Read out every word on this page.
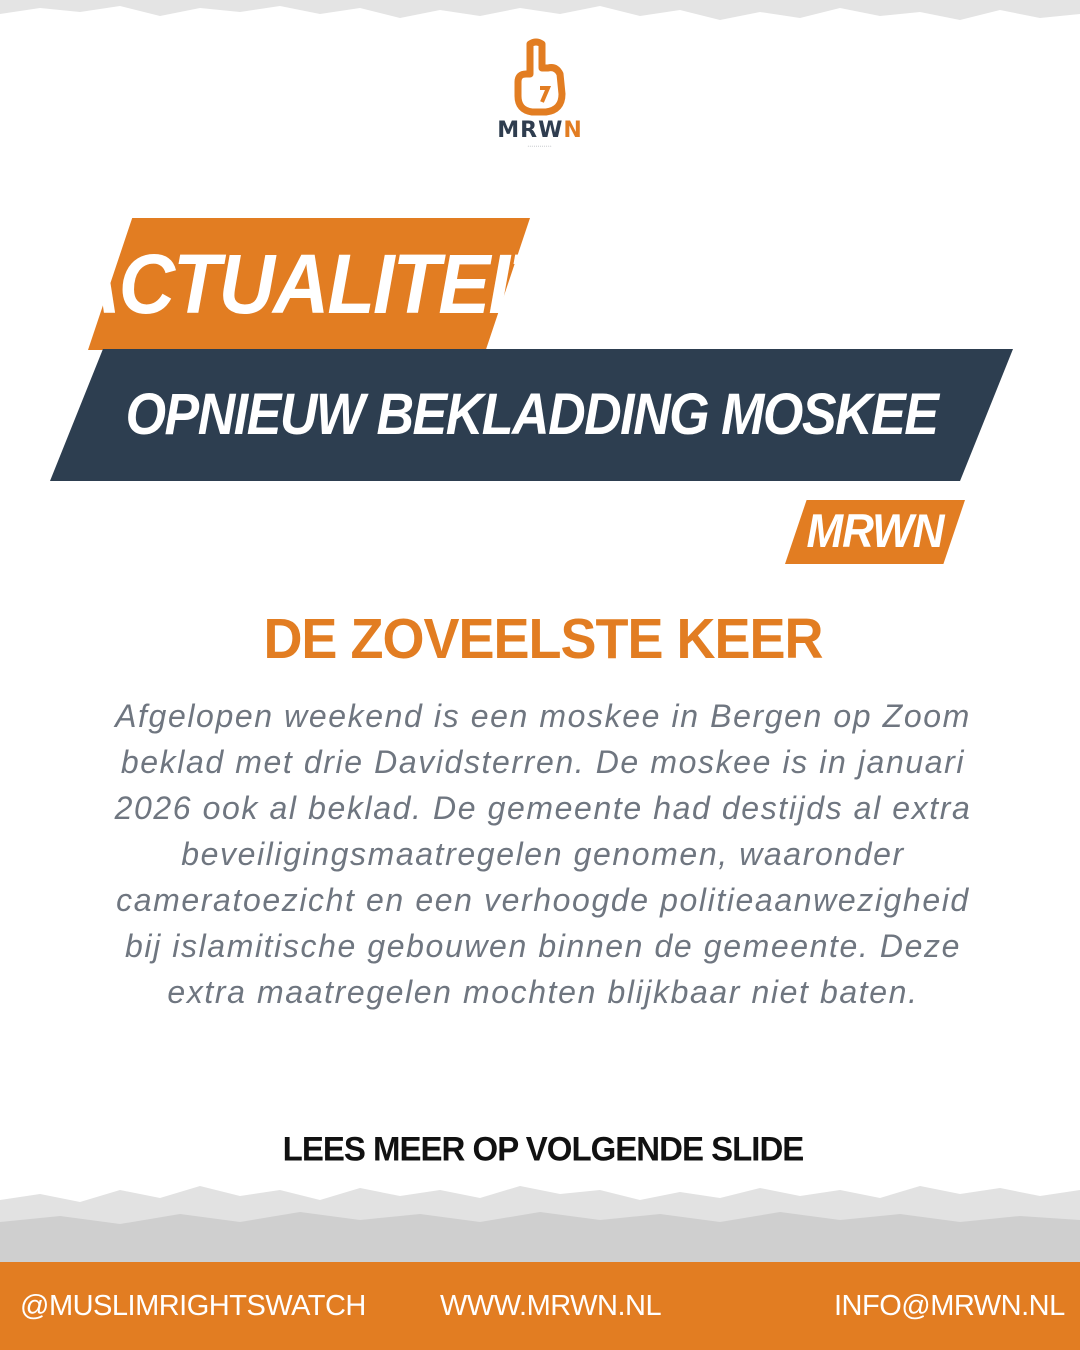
MRWN
••••••••••••
ACTUALITEIT
OPNIEUW BEKLADDING MOSKEE
MRWN
DE ZOVEELSTE KEER
Afgelopen weekend is een moskee in Bergen op Zoom
beklad met drie Davidsterren. De moskee is in januari
2026 ook al beklad. De gemeente had destijds al extra
beveiligingsmaatregelen genomen, waaronder
cameratoezicht en een verhoogde politieaanwezigheid
bij islamitische gebouwen binnen de gemeente. Deze
extra maatregelen mochten blijkbaar niet baten.
LEES MEER OP VOLGENDE SLIDE
@MUSLIMRIGHTSWATCH	WWW.MRWN.NL	INFO@MRWN.NL
